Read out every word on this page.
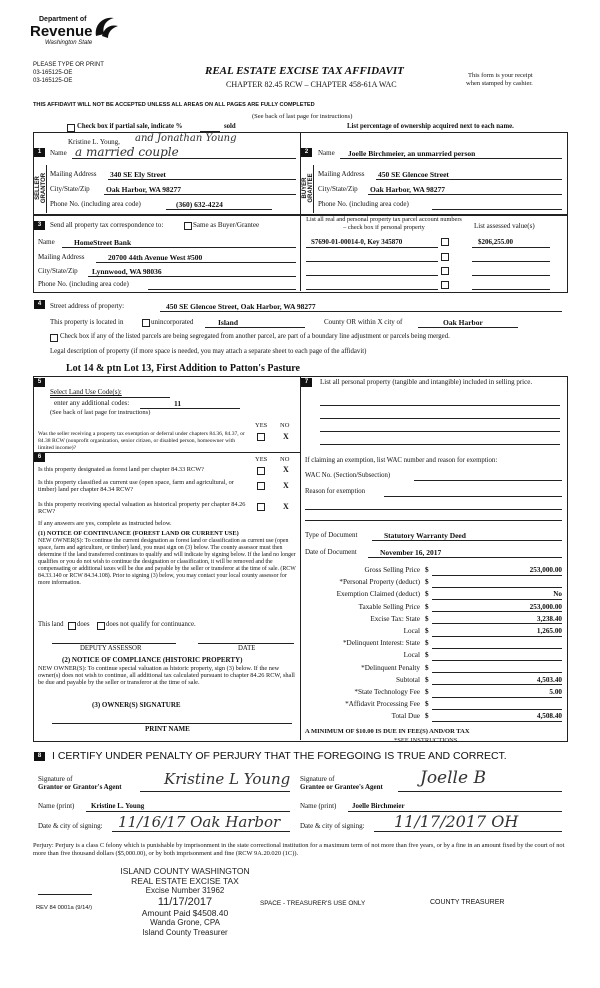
Department of
Revenue
Washington State
PLEASE TYPE OR PRINT
03-165125-OE
03-165125-OE
REAL ESTATE EXCISE TAX AFFIDAVIT
CHAPTER 82.45 RCW – CHAPTER 458-61A WAC
This form is your receipt
when stamped by cashier.
THIS AFFIDAVIT WILL NOT BE ACCEPTED UNLESS ALL AREAS ON ALL PAGES ARE FULLY COMPLETED
(See back of last page for instructions)
Check box if partial sale, indicate %	sold	List percentage of ownership acquired next to each name.
1
SELLER GRANTOR
Kristine L. Young, and Jonathan Young
Name a married couple
Mailing Address 340 SE Ely Street
City/State/Zip Oak Harbor, WA 98277
Phone No. (including area code)	(360) 632-4224
2
BUYER GRANTEE
Name Joelle Birchmeier, an unmarried person
Mailing Address 450 SE Glencoe Street
City/State/Zip Oak Harbor, WA 98277
Phone No. (including area code)
3	Send all property tax correspondence to:	Same as Buyer/Grantee
Name	HomeStreet Bank
Mailing Address	20700 44th Avenue West #500
City/State/Zip Lynnwood, WA 98036
Phone No. (including area code)
List all real and personal property tax parcel account numbers – check box if personal property	List assessed value(s)
S7690-01-00014-0, Key 345870	$206,255.00
4	Street address of property:	450 SE Glencoe Street, Oak Harbor, WA 98277
This property is located in	unincorporated	Island	County OR within X city of	Oak Harbor
Check box if any of the listed parcels are being segregated from another parcel, are part of a boundary line adjustment or parcels being merged.
Legal description of property (if more space is needed, you may attach a separate sheet to each page of the affidavit)
Lot 14 & ptn Lot 13, First Addition to Patton's Pasture
5
Select Land Use Code(s):
enter any additional codes:	11
(See back of last page for instructions)
YES NO
Was the seller receiving a property tax exemption or deferral under chapters 84.36, 84.37, or 84.38 RCW (nonprofit organization, senior citizen, or disabled person, homeowner with limited income)?
X
6	YES NO
Is this property designated as forest land per chapter 84.33 RCW?	X
Is this property classified as current use (open space, farm and agricultural, or timber) land per chapter 84.34 RCW?	X
Is this property receiving special valuation as historical property per chapter 84.26 RCW?
X
If any answers are yes, complete as instructed below.
(1) NOTICE OF CONTINUANCE (FOREST LAND OR CURRENT USE)
NEW OWNER(S): To continue the current designation as forest land or classification as current use (open space, farm and agriculture, or timber) land, you must sign on (3) below. The county assessor must then determine if the land transferred continues to qualify and will indicate by signing below. If the land no longer qualifies or you do not wish to continue the designation or classification, it will be removed and the compensating or additional taxes will be due and payable by the seller or transferor at the time of sale. (RCW 84.33.140 or RCW 84.34.108). Prior to signing (3) below, you may contact your local county assessor for more information.
This land does does not qualify for continuance.
DEPUTY ASSESSOR	DATE
(2) NOTICE OF COMPLIANCE (HISTORIC PROPERTY)
NEW OWNER(S): To continue special valuation as historic property, sign (3) below. If the new owner(s) does not wish to continue, all additional tax calculated pursuant to chapter 84.26 RCW, shall be due and payable by the seller or transferor at the time of sale.
(3) OWNER(S) SIGNATURE
PRINT NAME
7	List all personal property (tangible and intangible) included in selling price.
If claiming an exemption, list WAC number and reason for exemption:
WAC No. (Section/Subsection)
Reason for exemption
Type of Document	Statutory Warranty Deed
Date of Document	November 16, 2017
Gross Selling Price $	253,000.00
*Personal Property (deduct) $
Exemption Claimed (deduct) $	No
Taxable Selling Price $	253,000.00
Excise Tax: State $	3,238.40
Local $	1,265.00
*Delinquent Interest: State $
Local $
*Delinquent Penalty $
Subtotal $	4,503.40
*State Technology Fee $	5.00
*Affidavit Processing Fee $
Total Due $	4,508.40
A MINIMUM OF $10.00 IS DUE IN FEE(S) AND/OR TAX
*SEE INSTRUCTIONS
8	I CERTIFY UNDER PENALTY OF PERJURY THAT THE FOREGOING IS TRUE AND CORRECT.
Signature of
Grantor or Grantor's Agent	Kristine L Young
Name (print) Kristine L. Young
Date & city of signing: 11/16/17 Oak Harbor
Signature of
Grantee or Grantee's Agent Joelle B
Name (print) Joelle Birchmeier
Date & city of signing: 11/17/2017 OH
Perjury: Perjury is a class C felony which is punishable by imprisonment in the state correctional institution for a maximum term of not more than five years, or by a fine in an amount fixed by the court of not more than five thousand dollars ($5,000.00), or by both imprisonment and fine (RCW 9A.20.020 (1C)).
ISLAND COUNTY WASHINGTON
REAL ESTATE EXCISE TAX
Excise Number 31962
11/17/2017
Amount Paid $4508.40
Wanda Grone, CPA
Island County Treasurer
REV 84 0001a (9/14/)
SPACE - TREASURER'S USE ONLY	COUNTY TREASURER
